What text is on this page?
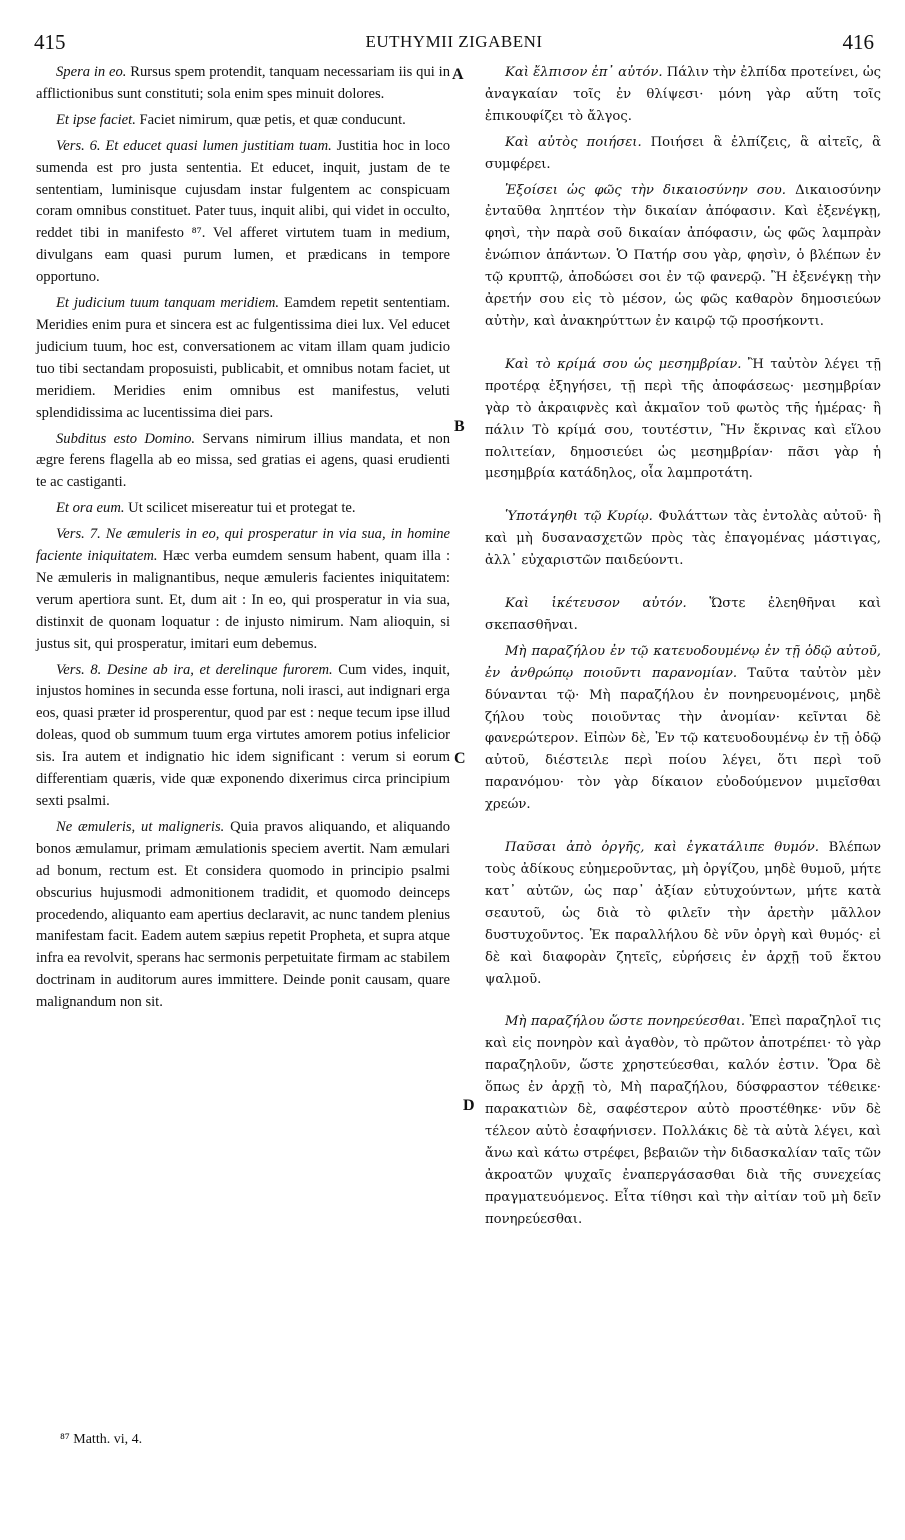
415	EUTHYMII ZIGABENI	416

Spera in eo. Rursus spem protendit, tanquam necessariam iis qui in afflictionibus sunt constituti; sola enim spes minuit dolores.

Et ipse faciet. Faciet nimirum, quæ petis, et quæ conducunt.

Vers. 6. Et educet quasi lumen justitiam tuam. Justitia hoc in loco sumenda est pro justa sententia. Et educet, inquit, justam de te sententiam, luminisque cujusdam instar fulgentem ac conspicuam coram omnibus constituet. Pater tuus, inquit alibi, qui videt in occulto, reddet tibi in manifesto ⁸⁷. Vel afferet virtutem tuam in medium, divulgans eam quasi purum lumen, et prædicans in tempore opportuno.

Et judicium tuum tanquam meridiem. Eamdem repetit sententiam. Meridies enim pura et sincera est ac fulgentissima diei lux. Vel educet judicium tuum, hoc est, conversationem ac vitam illam quam judicio tuo tibi sectandam proposuisti, publicabit, et omnibus notam faciet, ut meridiem. Meridies enim omnibus est manifestus, veluti splendidissima ac lucentissima diei pars.

Subditus esto Domino. Servans nimirum illius mandata, et non ægre ferens flagella ab eo missa, sed gratias ei agens, quasi erudienti te ac castiganti.

Et ora eum. Ut scilicet misereatur tui et protegat te.

Vers. 7. Ne æmuleris in eo, qui prosperatur in via sua, in homine faciente iniquitatem. Hæc verba eumdem sensum habent, quam illa : Ne æmuleris in malignantibus, neque æmuleris facientes iniquitatem: verum apertiora sunt. Et, dum ait : In eo, qui prosperatur in via sua, distinxit de quonam loquatur : de injusto nimirum. Nam alioquin, si justus sit, qui prosperatur, imitari eum debemus.

Vers. 8. Desine ab ira, et derelinque furorem. Cum vides, inquit, injustos homines in secunda esse fortuna, noli irasci, aut indignari erga eos, quasi præter id prosperentur, quod par est : neque tecum ipse illud doleas, quod ob summum tuum erga virtutes amorem potius infelicior sis. Ira autem et indignatio hic idem significant : verum si eorum differentiam quæris, vide quæ exponendo dixerimus circa principium sexti psalmi.

Ne æmuleris, ut maligneris. Quia pravos aliquando, et aliquando bonos æmulamur, primam æmulationis speciem avertit. Nam æmulari ad bonum, rectum est. Et considera quomodo in principio psalmi obscurius hujusmodi admonitionem tradidit, et quomodo deinceps procedendo, aliquanto eam apertius declaravit, ac nunc tandem plenius manifestam facit. Eadem autem sæpius repetit Propheta, et supra atque infra ea revolvit, sperans hac sermonis perpetuitate firmam ac stabilem doctrinam in auditorum aures immittere. Deinde ponit causam, quare malignandum non sit.

Καὶ ἔλπισον ἐπ᾽ αὐτόν. Πάλιν τὴν ἐλπίδα προτείνει, ὡς ἀναγκαίαν τοῖς ἐν θλίψεσι· μόνη γὰρ αὕτη τοῖς ἐπικουφίζει τὸ ἄλγος.

Καὶ αὐτὸς ποιήσει. Ποιήσει ἃ ἐλπίζεις, ἃ αἰτεῖς, ἃ συμφέρει.

Ἐξοίσει ὡς φῶς τὴν δικαιοσύνην σου. Δικαιοσύνην ἐνταῦθα ληπτέον τὴν δικαίαν ἀπόφασιν. Καὶ ἐξενέγκῃ, φησὶ, τὴν παρὰ σοῦ δικαίαν ἀπόφασιν, ὡς φῶς λαμπρὰν ἐνώπιον ἁπάντων. Ὁ Πατήρ σου γὰρ, φησὶν, ὁ βλέπων ἐν τῷ κρυπτῷ, ἀποδώσει σοι ἐν τῷ φανερῷ. Ἢ ἐξενέγκῃ τὴν ἀρετήν σου εἰς τὸ μέσον, ὡς φῶς καθαρὸν δημοσιεύων αὐτὴν, καὶ ἀνακηρύττων ἐν καιρῷ τῷ προσήκοντι.

Καὶ τὸ κρίμά σου ὡς μεσημβρίαν. Ἢ ταὐτὸν λέγει τῇ προτέρᾳ ἐξηγήσει, τῇ περὶ τῆς ἀποφάσεως· μεσημβρίαν γὰρ τὸ ἀκραιφνὲς καὶ ἀκμαῖον τοῦ φωτὸς τῆς ἡμέρας· ἢ πάλιν Τὸ κρίμά σου, τουτέστιν, Ἣν ἔκρινας καὶ εἵλου πολιτείαν, δημοσιεύει ὡς μεσημβρίαν· πᾶσι γὰρ ἡ μεσημβρία κατάδηλος, οἷα λαμπροτάτη.

Ὑποτάγηθι τῷ Κυρίῳ. Φυλάττων τὰς ἐντολὰς αὐτοῦ· ἢ καὶ μὴ δυσανασχετῶν πρὸς τὰς ἐπαγομένας μάστιγας, ἀλλ᾽ εὐχαριστῶν παιδεύοντι.

Καὶ ἱκέτευσον αὐτόν. Ὥστε ἐλεηθῆναι καὶ σκεπασθῆναι.

Μὴ παραζήλου ἐν τῷ κατευοδουμένῳ ἐν τῇ ὁδῷ αὐτοῦ, ἐν ἀνθρώπῳ ποιοῦντι παρανομίαν. Ταῦτα ταὐτὸν μὲν δύνανται τῷ· Μὴ παραζήλου ἐν πονηρευομένοις, μηδὲ ζήλου τοὺς ποιοῦντας τὴν ἀνομίαν· κεῖνται δὲ φανερώτερον. Εἰπὼν δὲ, Ἐν τῷ κατευοδουμένῳ ἐν τῇ ὁδῷ αὐτοῦ, διέστειλε περὶ ποίου λέγει, ὅτι περὶ τοῦ παρανόμου· τὸν γὰρ δίκαιον εὐοδούμενον μιμεῖσθαι χρεών.

Παῦσαι ἀπὸ ὀργῆς, καὶ ἐγκατάλιπε θυμόν. Βλέπων τοὺς ἀδίκους εὐημεροῦντας, μὴ ὀργίζου, μηδὲ θυμοῦ, μήτε κατ᾽ αὐτῶν, ὡς παρ᾽ ἀξίαν εὐτυχούντων, μήτε κατὰ σεαυτοῦ, ὡς διὰ τὸ φιλεῖν τὴν ἀρετὴν μᾶλλον δυστυχοῦντος. Ἐκ παραλλήλου δὲ νῦν ὀργὴ καὶ θυμός· εἰ δὲ καὶ διαφορὰν ζητεῖς, εὑρήσεις ἐν ἀρχῇ τοῦ ἕκτου ψαλμοῦ.

Μὴ παραζήλου ὥστε πονηρεύεσθαι. Ἐπεὶ παραζηλοῖ τις καὶ εἰς πονηρὸν καὶ ἀγαθὸν, τὸ πρῶτον ἀποτρέπει· τὸ γὰρ παραζηλοῦν, ὥστε χρηστεύεσθαι, καλόν ἐστιν. Ὅρα δὲ ὅπως ἐν ἀρχῇ τὸ, Μὴ παραζήλου, δύσφραστον τέθεικε· παρακατιὼν δὲ, σαφέστερον αὐτὸ προστέθηκε· νῦν δὲ τέλεον αὐτὸ ἐσαφήνισεν. Πολλάκις δὲ τὰ αὐτὰ λέγει, καὶ ἄνω καὶ κάτω στρέφει, βεβαιῶν τὴν διδασκαλίαν ταῖς τῶν ἀκροατῶν ψυχαῖς ἐναπεργάσασθαι διὰ τῆς συνεχείας πραγματευόμενος. Εἶτα τίθησι καὶ τὴν αἰτίαν τοῦ μὴ δεῖν πονηρεύεσθαι.

A
B
C
D
⁸⁷ Matth. vi, 4.
